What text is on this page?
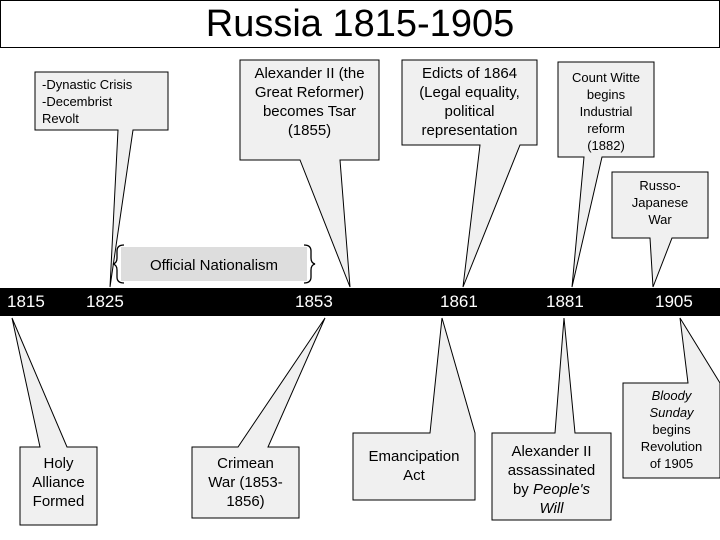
Russia 1815-1905
Official Nationalism
1815 1825	1853	1861	1881	1905
-Dynastic Crisis
-Decembrist
Revolt
Alexander II (the
Great Reformer)
becomes Tsar
(1855)
Edicts of 1864
(Legal equality,
political
representation
Count Witte
begins
Industrial
reform
(1882)
Russo-
Japanese
War
Holy
Alliance
Formed
Crimean
War (1853-
1856)
Emancipation
Act
Alexander II
assassinated
by People's
Will
Bloody
Sunday
begins
Revolution
of 1905
